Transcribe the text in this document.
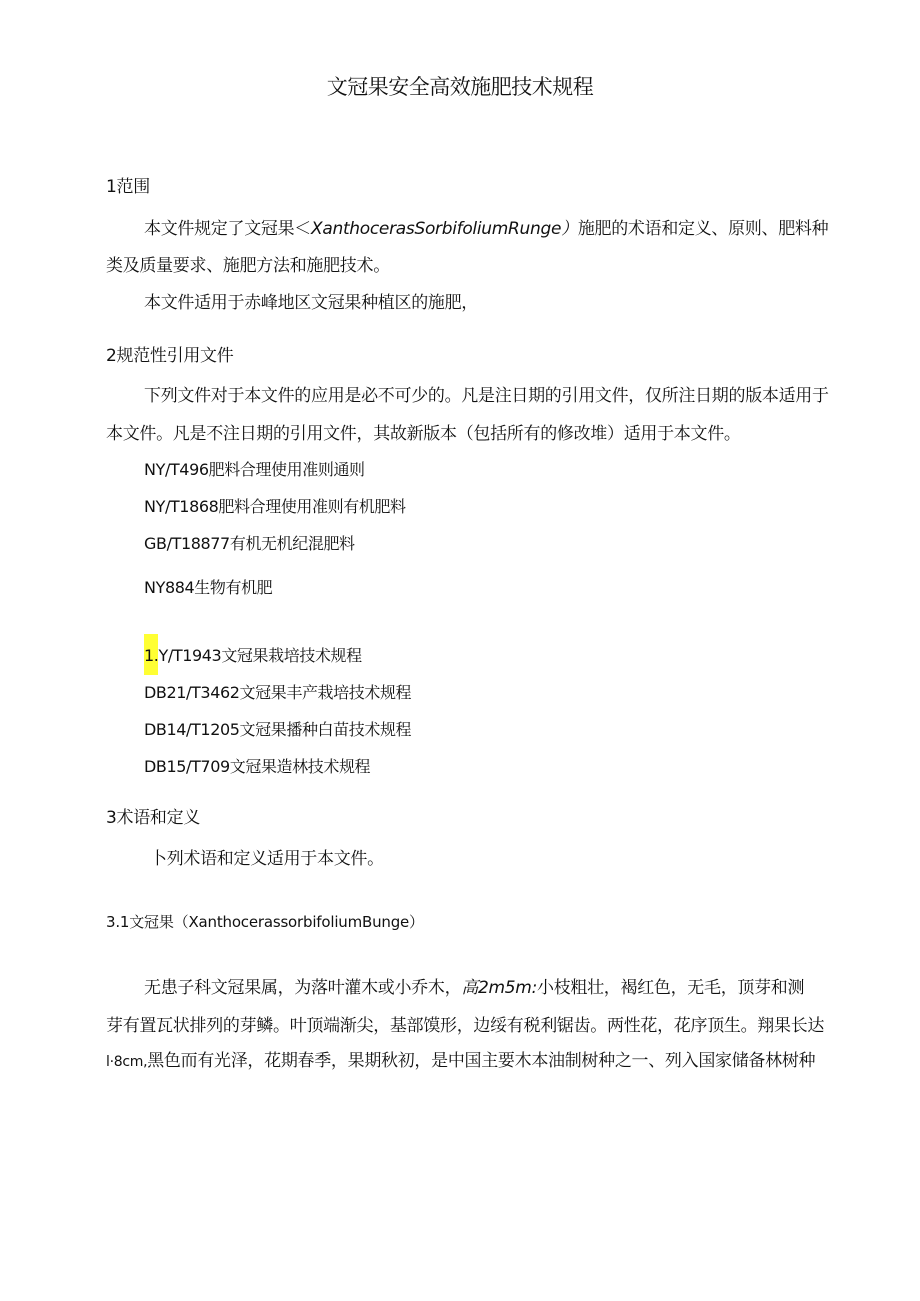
文冠果安全高效施肥技术规程
1范围
本文件规定了文冠果＜XanthocerasSorbifoliumRunge）施肥的术语和定义、原则、肥料种
类及质量要求、施肥方法和施肥技术。
本文件适用于赤峰地区文冠果种植区的施肥，
2规范性引用文件
下列文件对于本文件的应用是必不可少的。凡是注日期的引用文件，仅所注日期的版本适用于
本文件。凡是不注日期的引用文件，其故新版本（包括所有的修改堆）适用于本文件。
NY/T496肥料合理使用准则通则
NY/T1868肥料合理使用准则有机肥料
GB/T18877有机无机纪混肥料
NY884生物有机肥
1.Y/T1943文冠果栽培技术规程
DB21/T3462文冠果丰产栽培技术规程
DB14/T1205文冠果播种白苗技术规程
DB15/T709文冠果造林技术规程
3术语和定义
卜列术语和定义适用于本文件。
3.1文冠果（XanthocerassorbifoliumBunge）
无患子科文冠果属，为落叶灌木或小乔木，高2m5m:小枝粗壮，褐红色，无毛，顶芽和测
芽有置瓦状排列的芽鳞。叶顶端渐尖，基部馍形，边绥有税利锯齿。两性花，花序顶生。翔果长达
l·8cm,黑色而有光泽，花期春季，果期秋初，是中国主要木本油制树种之一、列入国家储备林树种
